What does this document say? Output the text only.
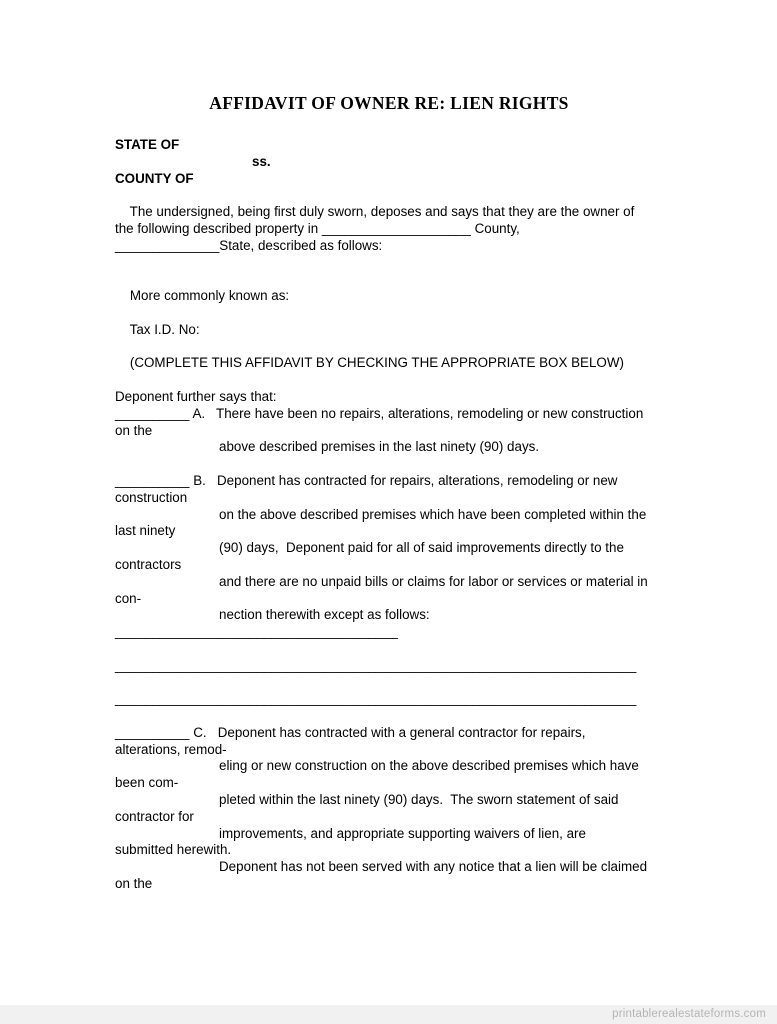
AFFIDAVIT OF OWNER RE: LIEN RIGHTS
STATE OF
ss.
COUNTY OF
The undersigned, being first duly sworn, deposes and says that they are the owner of
the following described property in ____________________ County,
______________State, described as follows:
More commonly known as:
Tax I.D. No:
(COMPLETE THIS AFFIDAVIT BY CHECKING THE APPROPRIATE BOX BELOW)
Deponent further says that:
__________ A.   There have been no repairs, alterations, remodeling or new construction
on the
above described premises in the last ninety (90) days.
__________ B.   Deponent has contracted for repairs, alterations, remodeling or new
construction
on the above described premises which have been completed within the
last ninety
(90) days,  Deponent paid for all of said improvements directly to the
contractors
and there are no unpaid bills or claims for labor or services or material in
con-
nection therewith except as follows:
______________________________________
______________________________________________________________________
______________________________________________________________________
__________ C.   Deponent has contracted with a general contractor for repairs,
alterations, remod-
eling or new construction on the above described premises which have
been com-
pleted within the last ninety (90) days.  The sworn statement of said
contractor for
improvements, and appropriate supporting waivers of lien, are
submitted herewith.
Deponent has not been served with any notice that a lien will be claimed
on the
printablerealestateforms.com
